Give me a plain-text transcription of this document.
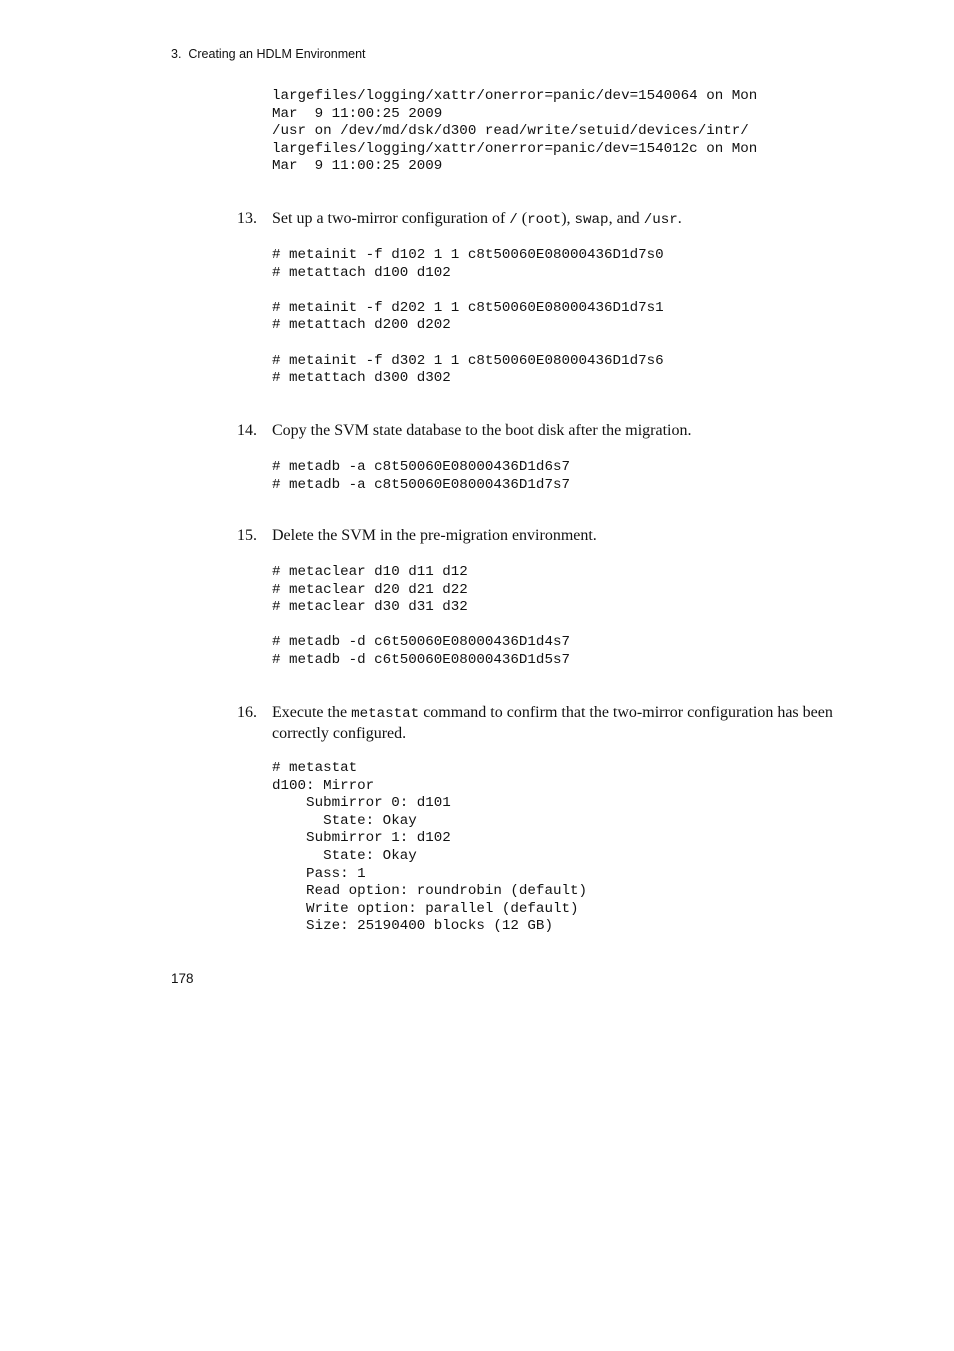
3.  Creating an HDLM Environment
largefiles/logging/xattr/onerror=panic/dev=1540064 on Mon
Mar  9 11:00:25 2009
/usr on /dev/md/dsk/d300 read/write/setuid/devices/intr/
largefiles/logging/xattr/onerror=panic/dev=154012c on Mon
Mar  9 11:00:25 2009
13. Set up a two-mirror configuration of / (root), swap, and /usr.
# metainit -f d102 1 1 c8t50060E08000436D1d7s0
# metattach d100 d102

# metainit -f d202 1 1 c8t50060E08000436D1d7s1
# metattach d200 d202

# metainit -f d302 1 1 c8t50060E08000436D1d7s6
# metattach d300 d302
14. Copy the SVM state database to the boot disk after the migration.
# metadb -a c8t50060E08000436D1d6s7
# metadb -a c8t50060E08000436D1d7s7
15. Delete the SVM in the pre-migration environment.
# metaclear d10 d11 d12
# metaclear d20 d21 d22
# metaclear d30 d31 d32

# metadb -d c6t50060E08000436D1d4s7
# metadb -d c6t50060E08000436D1d5s7
16. Execute the metastat command to confirm that the two-mirror configuration has been correctly configured.
# metastat
d100: Mirror
Submirror 0: d101
State: Okay
Submirror 1: d102
State: Okay
Pass: 1
Read option: roundrobin (default)
Write option: parallel (default)
Size: 25190400 blocks (12 GB)
178
